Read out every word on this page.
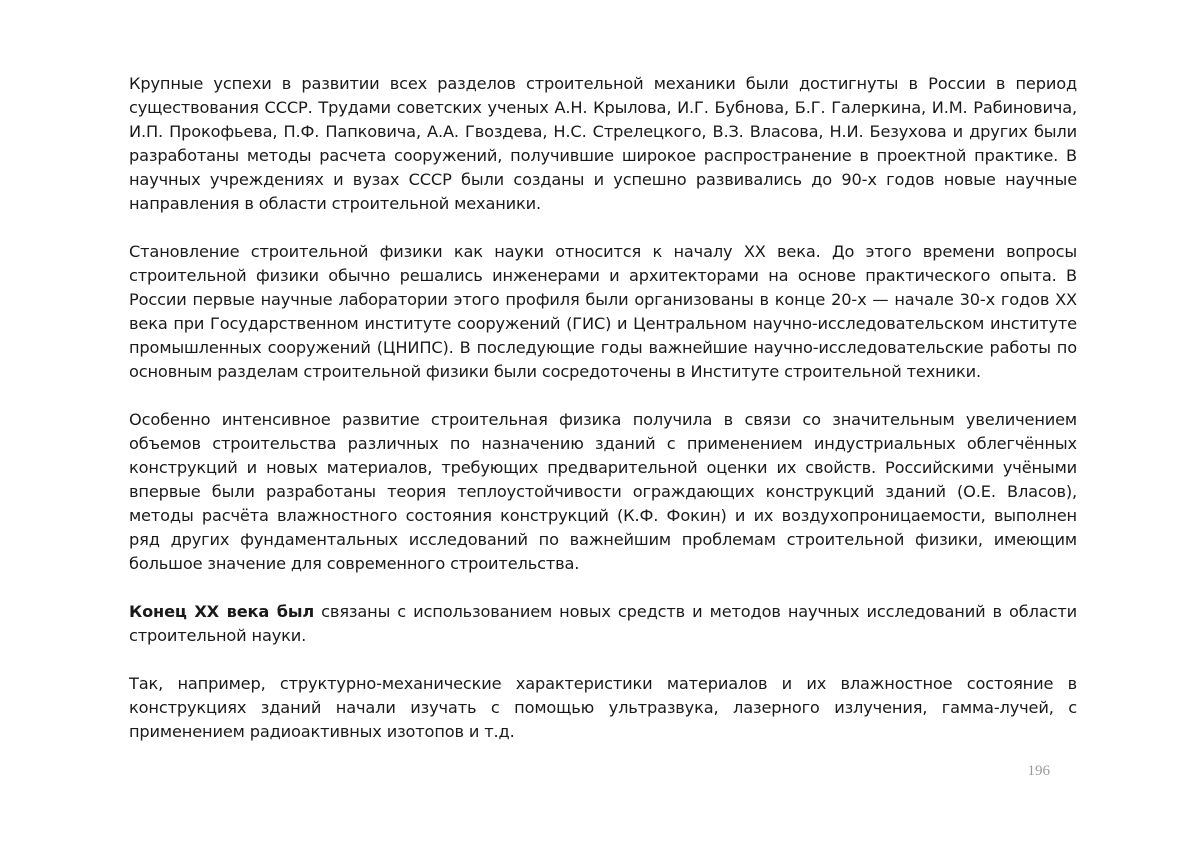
Крупные успехи в развитии всех разделов строительной механики были достигнуты в России в период существования СССР. Трудами советских ученых А.Н. Крылова, И.Г. Бубнова, Б.Г. Галеркина, И.М. Рабиновича, И.П. Прокофьева, П.Ф. Папковича, А.А. Гвоздева, Н.С. Стрелецкого, В.З. Власова, Н.И. Безухова и других были разработаны методы расчета сооружений, получившие широкое распространение в проектной практике. В научных учреждениях и вузах СССР были созданы и успешно развивались до 90-х годов новые научные направления в области строительной механики.

Становление строительной физики как науки относится к началу XX века. До этого времени вопросы строительной физики обычно решались инженерами и архитекторами на основе практического опыта. В России первые научные лаборатории этого профиля были организованы в конце 20-х — начале 30-х годов XX века при Государственном институте сооружений (ГИС) и Центральном научно-исследовательском институте промышленных сооружений (ЦНИПС). В последующие годы важнейшие научно-исследовательские работы по основным разделам строительной физики были сосредоточены в Институте строительной техники.

Особенно интенсивное развитие строительная физика получила в связи со значительным увеличением объемов строительства различных по назначению зданий с применением индустриальных облегчённых конструкций и новых материалов, требующих предварительной оценки их свойств. Российскими учёными впервые были разработаны теория теплоустойчивости ограждающих конструкций зданий (О.Е. Власов), методы расчёта влажностного состояния конструкций (К.Ф. Фокин) и их воздухопроницаемости, выполнен ряд других фундаментальных исследований по важнейшим проблемам строительной физики, имеющим большое значение для современного строительства.

Конец XX века был связаны с использованием новых средств и методов научных исследований в области строительной науки.

Так, например, структурно-механические характеристики материалов и их влажностное состояние в конструкциях зданий начали изучать с помощью ультразвука, лазерного излучения, гамма-лучей, с применением радиоактивных изотопов и т.д.

196
